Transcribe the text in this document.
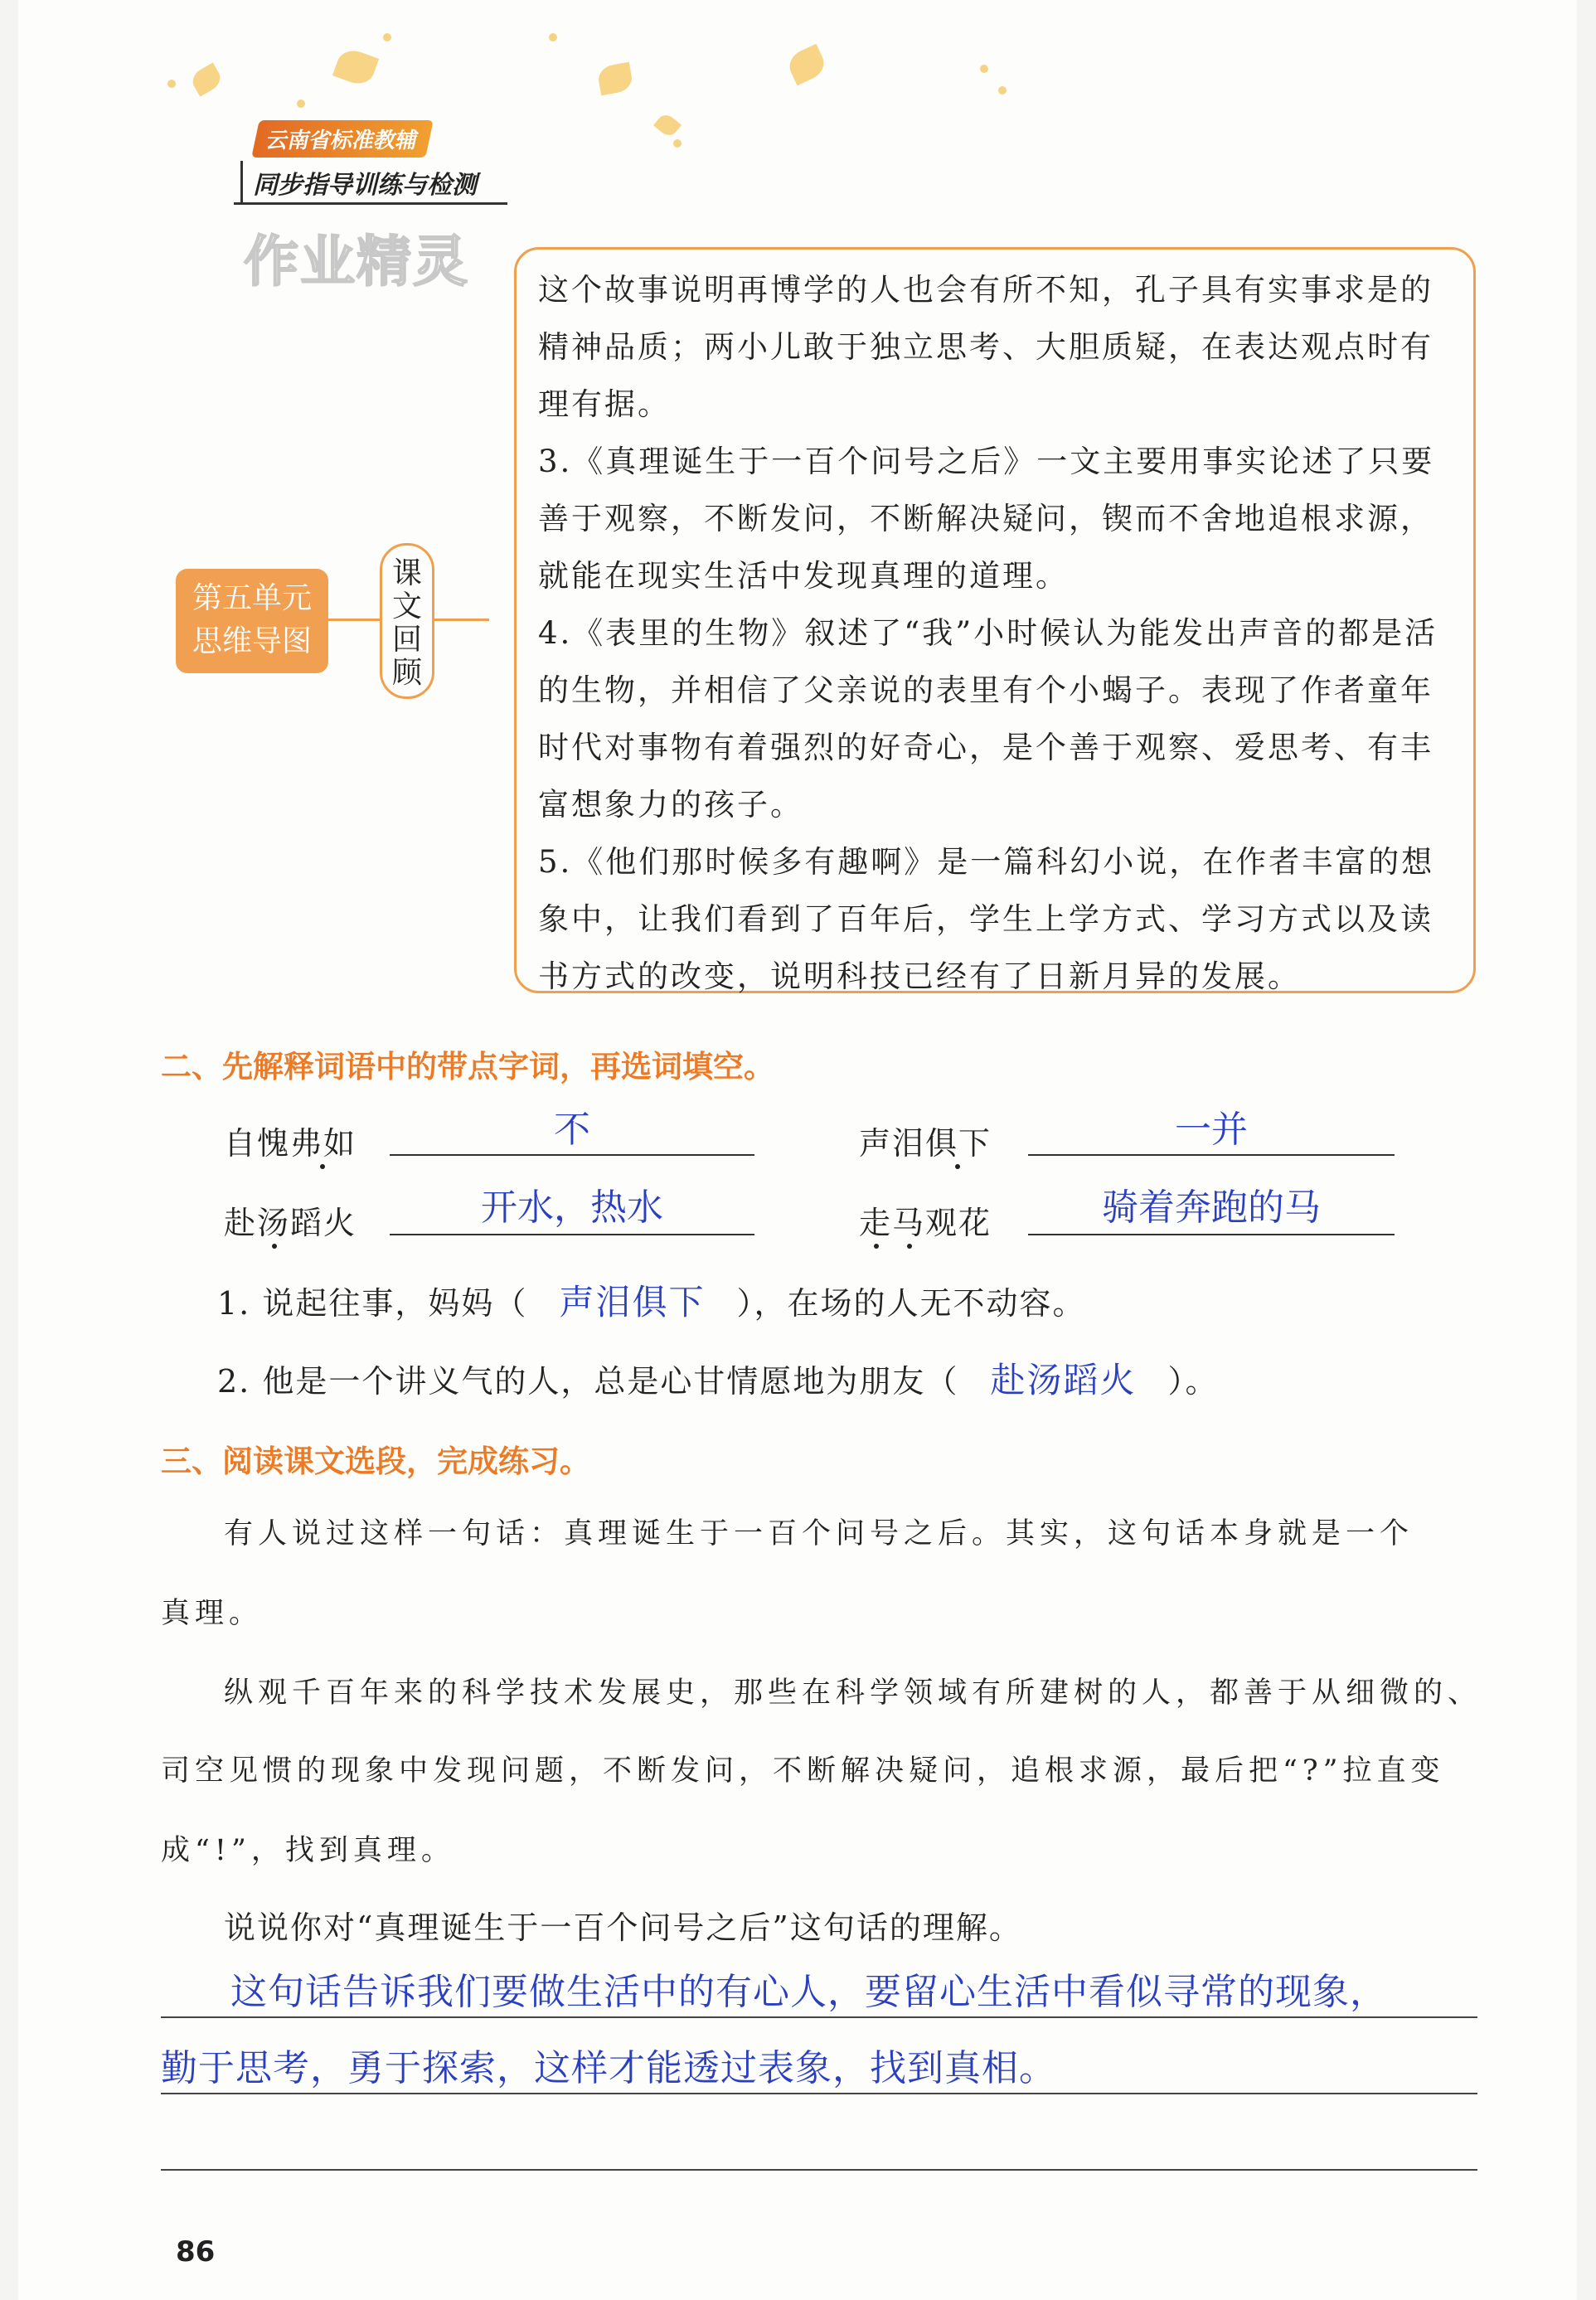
云南省标准教辅
同步指导训练与检测
作业精灵
第五单元
思维导图
课
文
回
顾

这个故事说明再博学的人也会有所不知，孔子具有实事求是的精神品质；两小儿敢于独立思考、大胆质疑，在表达观点时有理有据。

3.《真理诞生于一百个问号之后》一文主要用事实论述了只要善于观察，不断发问，不断解决疑问，锲而不舍地追根求源，就能在现实生活中发现真理的道理。

4.《表里的生物》叙述了“我”小时候认为能发出声音的都是活的生物，并相信了父亲说的表里有个小蝎子。表现了作者童年时代对事物有着强烈的好奇心，是个善于观察、爱思考、有丰富想象力的孩子。

5.《他们那时候多有趣啊》是一篇科幻小说，在作者丰富的想象中，让我们看到了百年后，学生上学方式、学习方式以及读书方式的改变，说明科技已经有了日新月异的发展。

二、先解释词语中的带点字词，再选词填空。
自愧弗如	不	声泪俱下	一并
赴汤蹈火	开水，热水	走马观花	骑着奔跑的马
1. 说起往事，妈妈（ 声泪俱下 ），在场的人无不动容。
2. 他是一个讲义气的人，总是心甘情愿地为朋友（ 赴汤蹈火 ）。
三、阅读课文选段，完成练习。
有人说过这样一句话：真理诞生于一百个问号之后。其实，这句话本身就是一个
真理。
纵观千百年来的科学技术发展史，那些在科学领域有所建树的人，都善于从细微的、
司空见惯的现象中发现问题，不断发问，不断解决疑问，追根求源，最后把“?”拉直变
成“!”，找到真理。
说说你对“真理诞生于一百个问号之后”这句话的理解。
这句话告诉我们要做生活中的有心人，要留心生活中看似寻常的现象，
勤于思考，勇于探索，这样才能透过表象，找到真相。
86
